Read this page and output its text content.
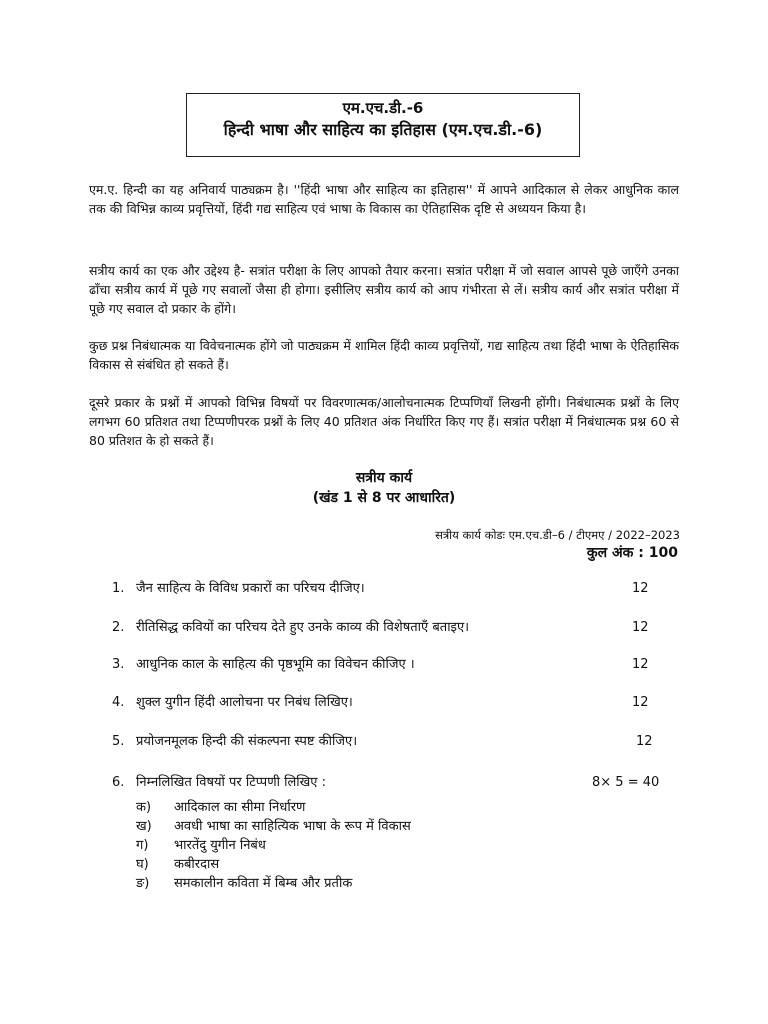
एम.एच.डी.-6
हिन्दी भाषा और साहित्य का इतिहास (एम.एच.डी.-6)

एम.ए. हिन्दी का यह अनिवार्य पाठ्यक्रम है। ''हिंदी भाषा और साहित्य का इतिहास'' में आपने आदिकाल से लेकर आधुनिक काल तक की विभिन्न काव्य प्रवृत्तियों, हिंदी गद्य साहित्य एवं भाषा के विकास का ऐतिहासिक दृष्टि से अध्ययन किया है।

सत्रीय कार्य का एक और उद्देश्य है- सत्रांत परीक्षा के लिए आपको तैयार करना। सत्रांत परीक्षा में जो सवाल आपसे पूछे जाएँगे उनका ढाँचा सत्रीय कार्य में पूछे गए सवालों जैसा ही होगा। इसीलिए सत्रीय कार्य को आप गंभीरता से लें। सत्रीय कार्य और सत्रांत परीक्षा में पूछे गए सवाल दो प्रकार के होंगे।

कुछ प्रश्न निबंधात्मक या विवेचनात्मक होंगे जो पाठ्यक्रम में शामिल हिंदी काव्य प्रवृत्तियों, गद्य साहित्य तथा हिंदी भाषा के ऐतिहासिक विकास से संबंधित हो सकते हैं।

दूसरे प्रकार के प्रश्नों में आपको विभिन्न विषयों पर विवरणात्मक/आलोचनात्मक टिप्पणियाँ लिखनी होंगी। निबंधात्मक प्रश्नों के लिए लगभग 60 प्रतिशत तथा टिप्पणीपरक प्रश्नों के लिए 40 प्रतिशत अंक निर्धारित किए गए हैं। सत्रांत परीक्षा में निबंधात्मक प्रश्न 60 से 80 प्रतिशत के हो सकते हैं।

सत्रीय कार्य
(खंड 1 से 8 पर आधारित)
सत्रीय कार्य कोडः एम.एच.डी–6 / टीएमए / 2022–2023
कुल अंक : 100
1. जैन साहित्य के विविध प्रकारों का परिचय दीजिए।	12
2. रीतिसिद्ध कवियों का परिचय देते हुए उनके काव्य की विशेषताएँ बताइए।	12
3. आधुनिक काल के साहित्य की पृष्ठभूमि का विवेचन कीजिए ।	12
4. शुक्ल युगीन हिंदी आलोचना पर निबंध लिखिए।	12
5. प्रयोजनमूलक हिन्दी की संकल्पना स्पष्ट कीजिए।	12
6. निम्नलिखित विषयों पर टिप्पणी लिखिए :	8× 5 = 40
क) आदिकाल का सीमा निर्धारण
ख) अवधी भाषा का साहित्यिक भाषा के रूप में विकास
ग) भारतेंदु युगीन निबंध
घ) कबीरदास
ङ) समकालीन कविता में बिम्ब और प्रतीक
